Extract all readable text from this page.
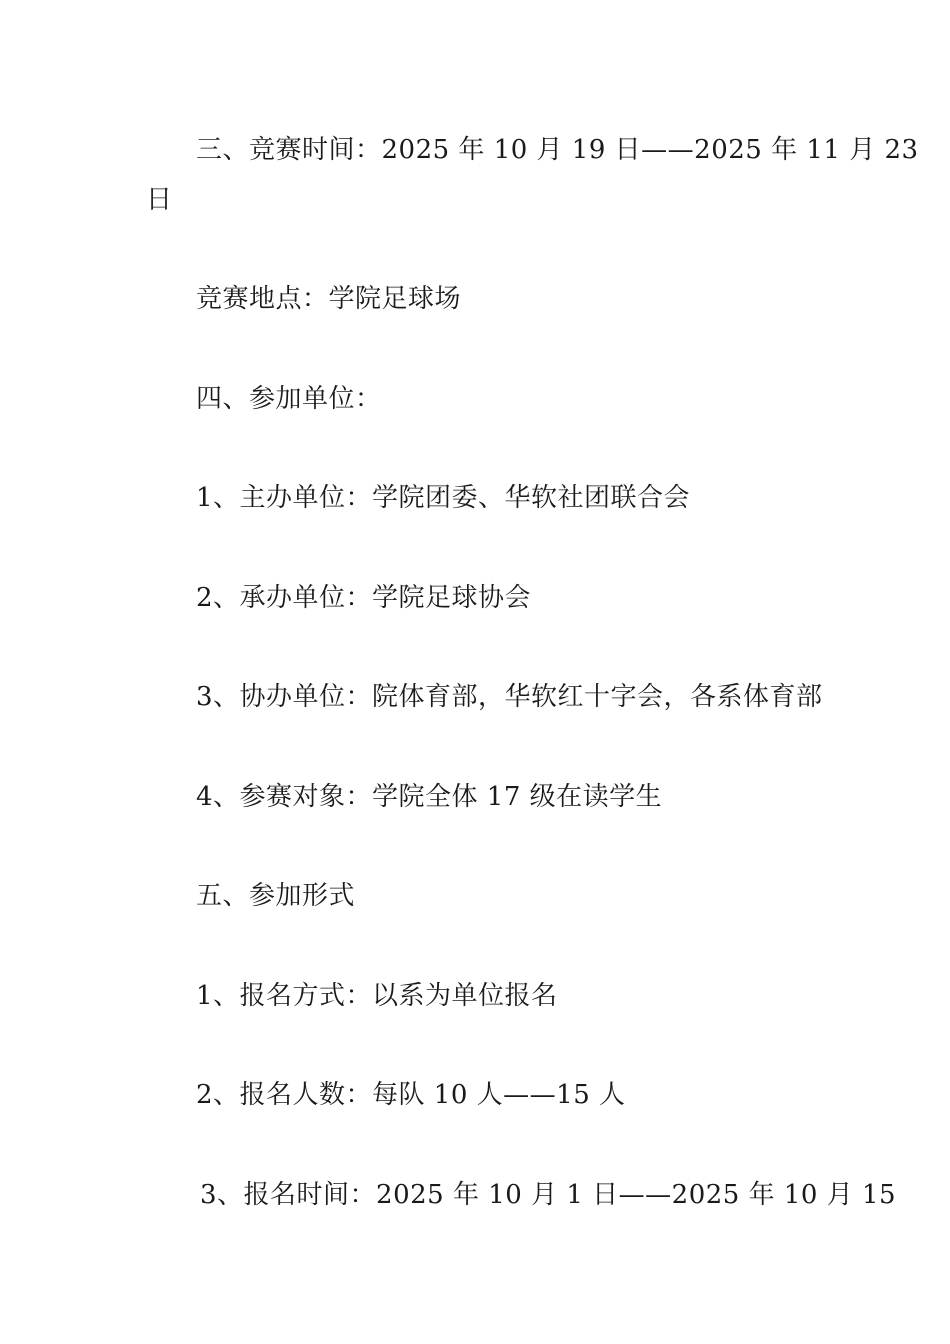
三、竞赛时间：2025 年 10 月 19 日——2025 年 11 月 23
日
竞赛地点：学院足球场
四、参加单位：
1、主办单位：学院团委、华软社团联合会
2、承办单位：学院足球协会
3、协办单位：院体育部，华软红十字会，各系体育部
4、参赛对象：学院全体 17 级在读学生
五、参加形式
1、报名方式：以系为单位报名
2、报名人数：每队 10 人——15 人
3、报名时间：2025 年 10 月 1 日——2025 年 10 月 15
